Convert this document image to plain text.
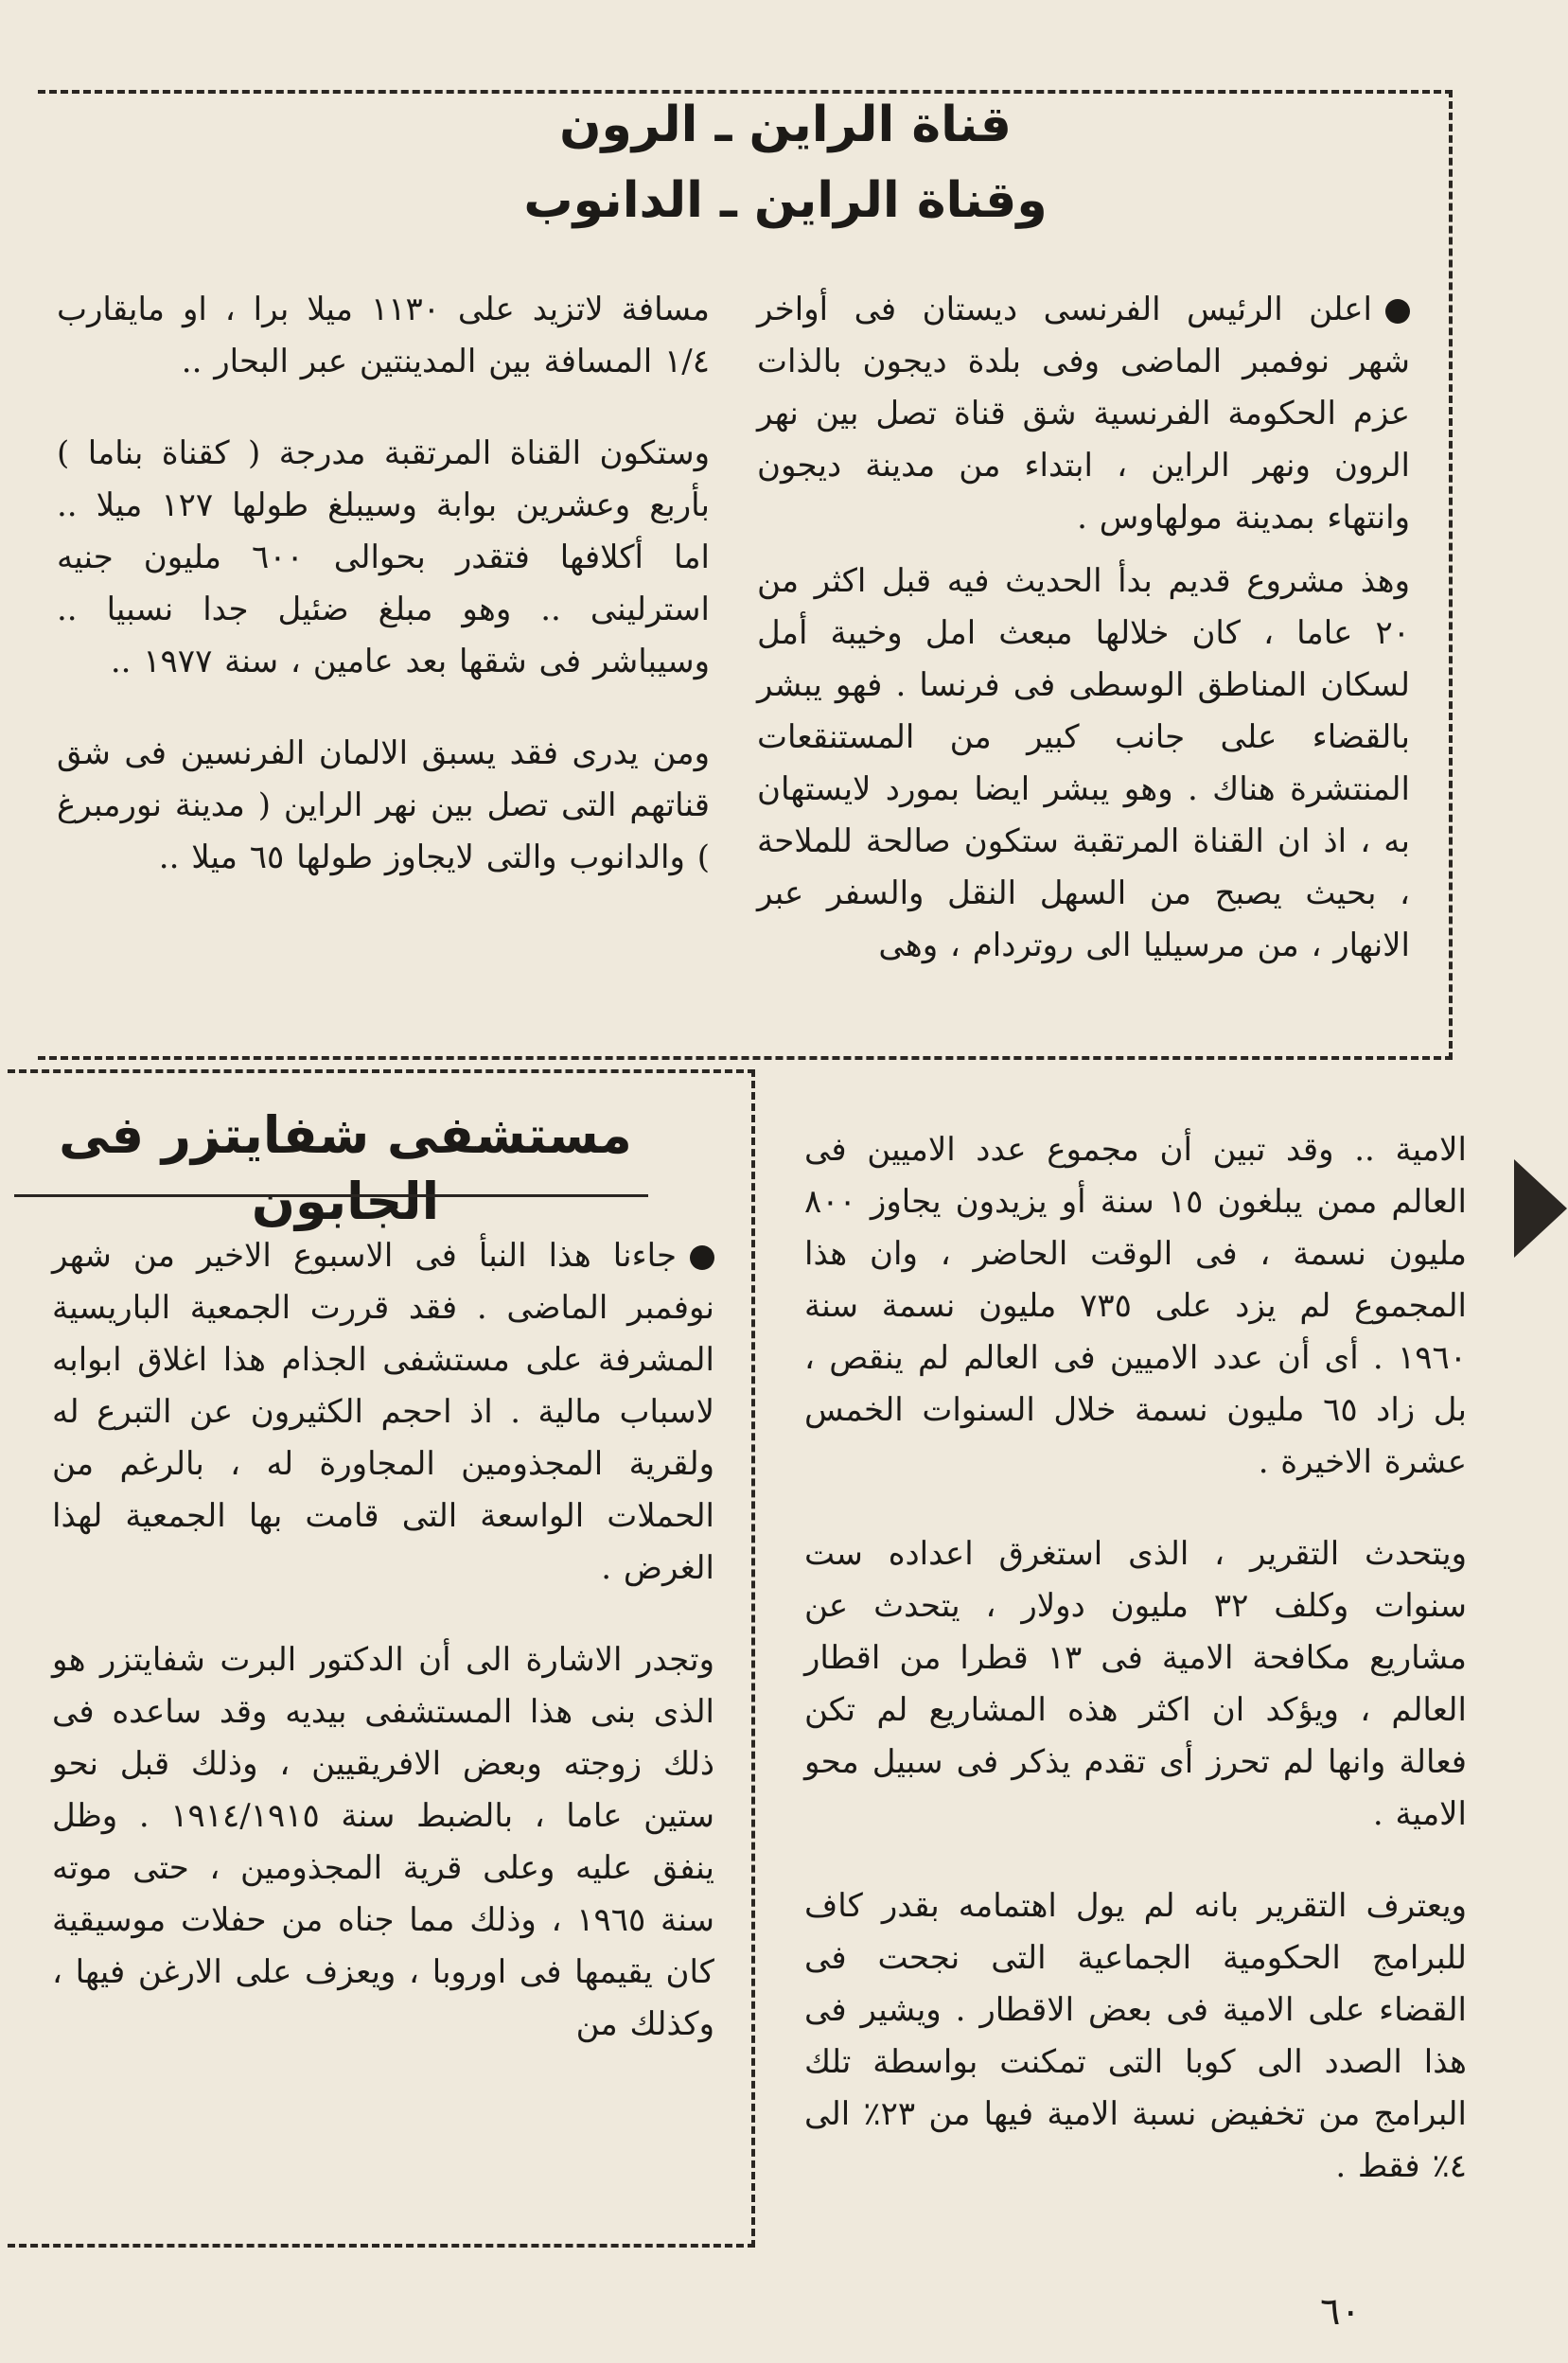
قناة الراين ـ الرون
وقناة الراين ـ الدانوب

اعلن الرئيس الفرنسى ديستان فى أواخر شهر نوفمبر الماضى وفى بلدة ديجون بالذات عزم الحكومة الفرنسية شق قناة تصل بين نهر الرون ونهر الراين ، ابتداء من مدينة ديجون وانتهاء بمدينة مولهاوس .

وهذ مشروع قديم بدأ الحديث فيه قبل اكثر من ٢٠ عاما ، كان خلالها مبعث امل وخيبة أمل لسكان المناطق الوسطى فى فرنسا . فهو يبشر بالقضاء على جانب كبير من المستنقعات المنتشرة هناك . وهو يبشر ايضا بمورد لايستهان به ، اذ ان القناة المرتقبة ستكون صالحة للملاحة ، بحيث يصبح من السهل النقل والسفر عبر الانهار ، من مرسيليا الى روتردام ، وهى

مسافة لاتزيد على ١١٣٠ ميلا برا ، او مايقارب ١/٤ المسافة بين المدينتين عبر البحار ..

وستكون القناة المرتقبة مدرجة ( كقناة بناما ) بأربع وعشرين بوابة وسيبلغ طولها ١٢٧ ميلا .. اما أكلافها فتقدر بحوالى ٦٠٠ مليون جنيه استرلينى .. وهو مبلغ ضئيل جدا نسبيا .. وسيباشر فى شقها بعد عامين ، سنة ١٩٧٧ ..

ومن يدرى فقد يسبق الالمان الفرنسين فى شق قناتهم التى تصل بين نهر الراين ( مدينة نورمبرغ ) والدانوب والتى لايجاوز طولها ٦٥ ميلا ..

مستشفى شفايتزر فى الجابون

جاءنا هذا النبأ فى الاسبوع الاخير من شهر نوفمبر الماضى . فقد قررت الجمعية الباريسية المشرفة على مستشفى الجذام هذا اغلاق ابوابه لاسباب مالية . اذ احجم الكثيرون عن التبرع له ولقرية المجذومين المجاورة له ، بالرغم من الحملات الواسعة التى قامت بها الجمعية لهذا الغرض .

وتجدر الاشارة الى أن الدكتور البرت شفايتزر هو الذى بنى هذا المستشفى بيديه وقد ساعده فى ذلك زوجته وبعض الافريقيين ، وذلك قبل نحو ستين عاما ، بالضبط سنة ١٩١٤/١٩١٥ . وظل ينفق عليه وعلى قرية المجذومين ، حتى موته سنة ١٩٦٥ ، وذلك مما جناه من حفلات موسيقية كان يقيمها فى اوروبا ، ويعزف على الارغن فيها ، وكذلك من

الامية .. وقد تبين أن مجموع عدد الاميين فى العالم ممن يبلغون ١٥ سنة أو يزيدون يجاوز ٨٠٠ مليون نسمة ، فى الوقت الحاضر ، وان هذا المجموع لم يزد على ٧٣٥ مليون نسمة سنة ١٩٦٠ . أى أن عدد الاميين فى العالم لم ينقص ، بل زاد ٦٥ مليون نسمة خلال السنوات الخمس عشرة الاخيرة .

ويتحدث التقرير ، الذى استغرق اعداده ست سنوات وكلف ٣٢ مليون دولار ، يتحدث عن مشاريع مكافحة الامية فى ١٣ قطرا من اقطار العالم ، ويؤكد ان اكثر هذه المشاريع لم تكن فعالة وانها لم تحرز أى تقدم يذكر فى سبيل محو الامية .

ويعترف التقرير بانه لم يول اهتمامه بقدر كاف للبرامج الحكومية الجماعية التى نجحت فى القضاء على الامية فى بعض الاقطار . ويشير فى هذا الصدد الى كوبا التى تمكنت بواسطة تلك البرامج من تخفيض نسبة الامية فيها من ٢٣٪ الى ٤٪ فقط .

٦٠
